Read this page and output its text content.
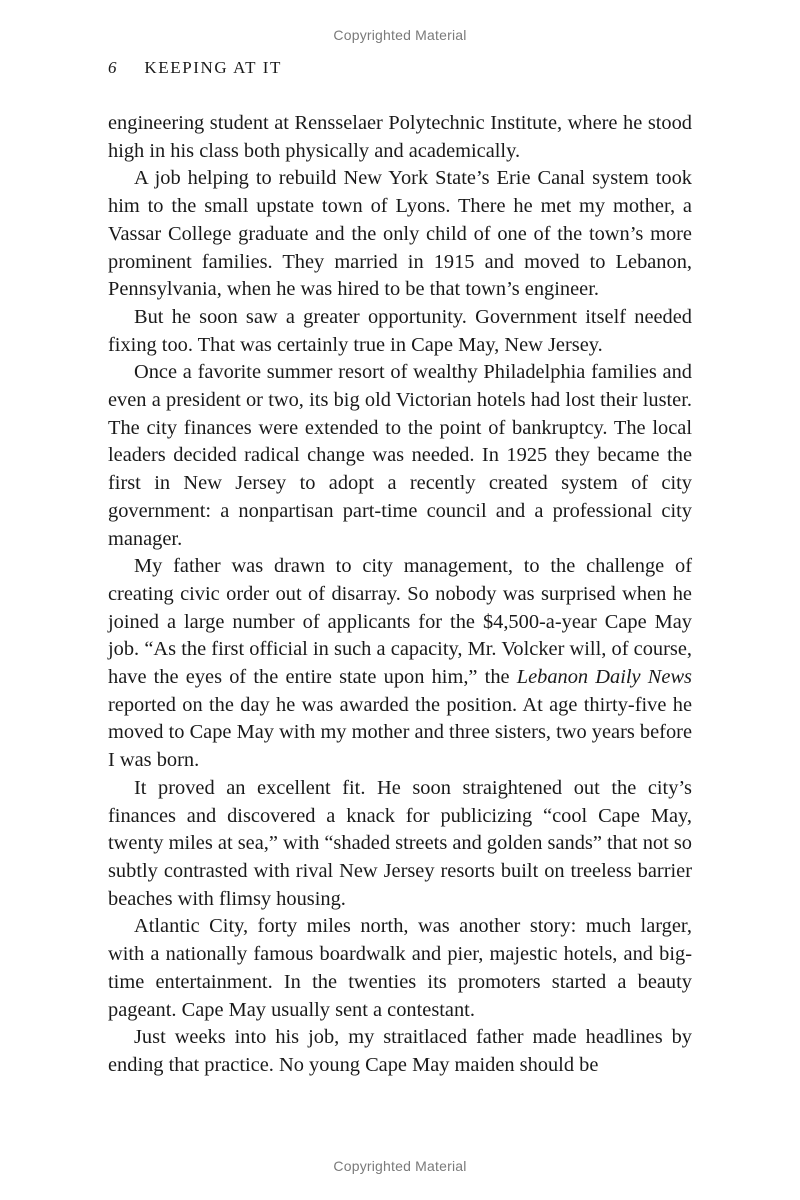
Copyrighted Material
6 KEEPING AT IT

engineering student at Rensselaer Polytechnic Institute, where he stood high in his class both physically and academically.

A job helping to rebuild New York State’s Erie Canal system took him to the small upstate town of Lyons. There he met my mother, a Vassar College graduate and the only child of one of the town’s more prominent families. They married in 1915 and moved to Lebanon, Pennsylvania, when he was hired to be that town’s engineer.

But he soon saw a greater opportunity. Government itself needed fixing too. That was certainly true in Cape May, New Jersey.

Once a favorite summer resort of wealthy Philadelphia families and even a president or two, its big old Victorian hotels had lost their luster. The city finances were extended to the point of bankruptcy. The local leaders decided radical change was needed. In 1925 they became the first in New Jersey to adopt a recently created system of city government: a nonpartisan part-time council and a professional city manager.

My father was drawn to city management, to the challenge of creating civic order out of disarray. So nobody was surprised when he joined a large number of applicants for the $4,500-a-year Cape May job. “As the first official in such a capacity, Mr. Volcker will, of course, have the eyes of the entire state upon him,” the Lebanon Daily News reported on the day he was awarded the position. At age thirty-five he moved to Cape May with my mother and three sisters, two years before I was born.

It proved an excellent fit. He soon straightened out the city’s finances and discovered a knack for publicizing “cool Cape May, twenty miles at sea,” with “shaded streets and golden sands” that not so subtly contrasted with rival New Jersey resorts built on treeless barrier beaches with flimsy housing.

Atlantic City, forty miles north, was another story: much larger, with a nationally famous boardwalk and pier, majestic hotels, and big-time entertainment. In the twenties its promoters started a beauty pageant. Cape May usually sent a contestant.

Just weeks into his job, my straitlaced father made headlines by ending that practice. No young Cape May maiden should be

Copyrighted Material
